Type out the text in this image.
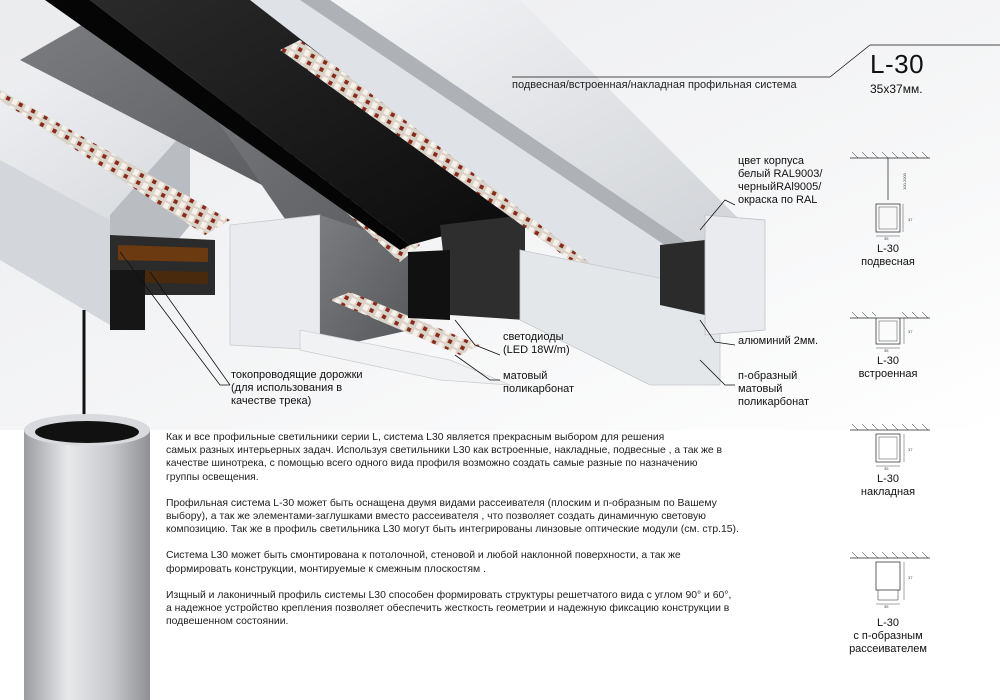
100-2000
35
35
35
35
37
37
37
37
L-30
35x37мм.
подвесная/встроенная/накладная профильная система
цвет корпуса
белый RAL9003/
черныйRAl9005/
окраска по RAL
светодиоды
(LED 18W/m)
алюминий 2мм.
токопроводящие дорожки
(для использования в
качестве трека)
матовый
поликарбонат
п-образный
матовый
поликарбонат
L-30
подвесная
L-30
встроенная
L-30
накладная
L-30
с п-образным
рассеивателем

Как и все профильные светильники серии L, система L30 является прекрасным выбором для решения
самых разных интерьерных задач. Используя светильники L30 как встроенные, накладные, подвесные , а так же в
качестве шинотрека, с помощью всего одного вида профиля возможно создать самые разные по назначению
группы освещения.

Профильная система L-30 может быть оснащена двумя видами рассеивателя (плоским и п-образным по Вашему
выбору), а так же элементами-заглушками вместо рассеивателя , что позволяет создать динамичную световую
композицию. Так же в профиль светильника L30 могут быть интегрированы линзовые оптические модули (см. стр.15).

Система L30 может быть смонтирована к потолочной, стеновой и любой наклонной поверхности, а так же
формировать конструкции, монтируемые к смежным плоскостям .

Изщный и лаконичный профиль системы L30 способен формировать структуры решетчатого вида с углом 90° и 60°,
а надежное устройство крепления позволяет обеспечить жесткость геометрии и надежную фиксацию конструкции в
подвешенном состоянии.
